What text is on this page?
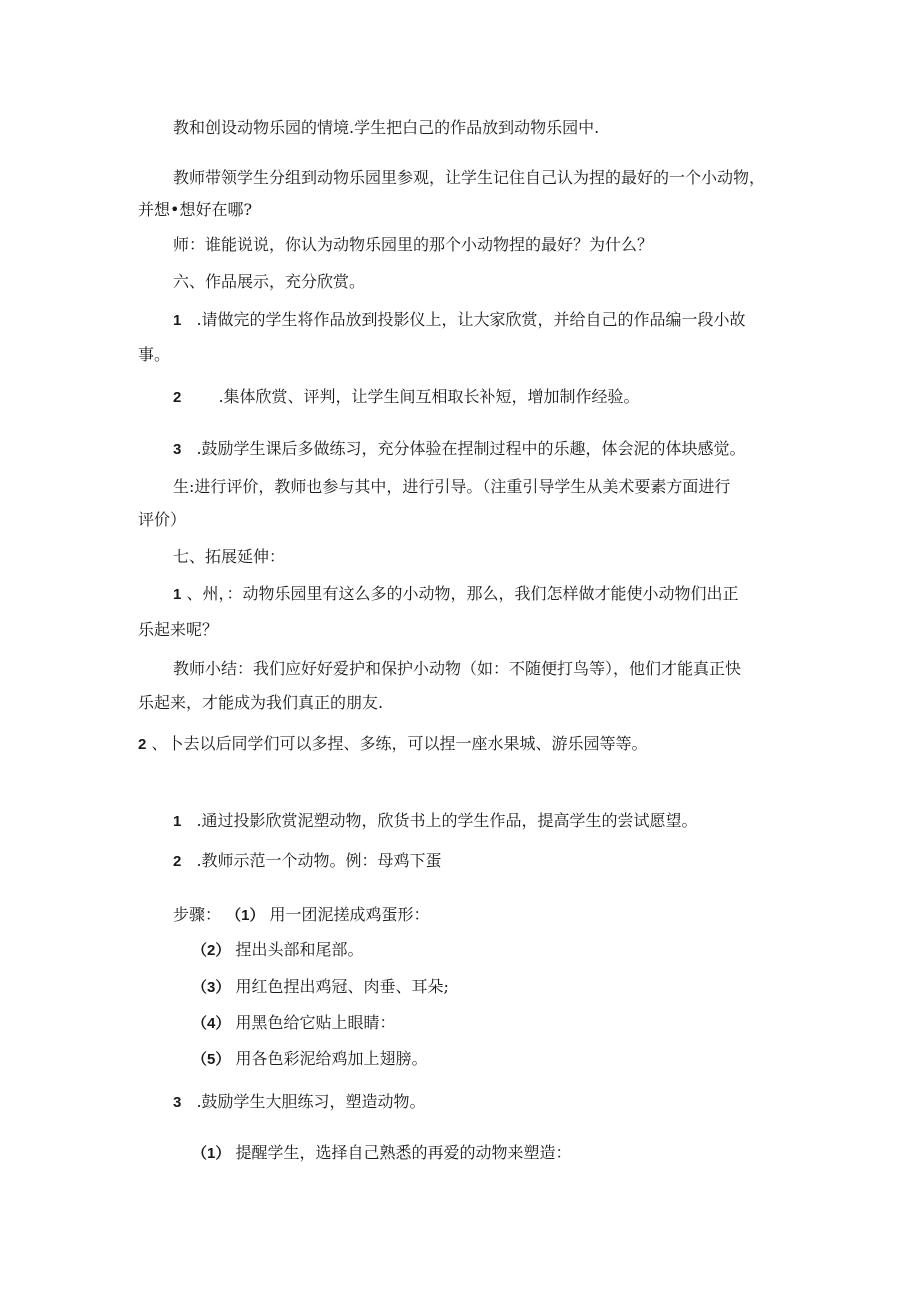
教和创设动物乐园的情境.学生把白己的作品放到动物乐园中.
教师带领学生分组到动物乐园里参观，让学生记住自己认为捏的最好的一个小动物，
并想•想好在哪?
师：谁能说说，你认为动物乐园里的那个小动物捏的最好？为什么？
六、作品展示，充分欣赏。
1 .请做完的学生将作品放到投影仪上，让大家欣赏，并给自己的作品编一段小故
事。
2 .集体欣赏、评判，让学生间互相取长补短，增加制作经验。
3 .鼓励学生课后多做练习，充分体验在捏制过程中的乐趣，体会泥的体块感觉。
生:进行评价，教师也参与其中，进行引导。（注重引导学生从美术要素方面进行
评价）
七、拓展延伸：
1 、州，：动物乐园里有这么多的小动物，那么，我们怎样做才能使小动物们出正
乐起来呢？
教师小结：我们应好好爱护和保护小动物（如：不随便打鸟等），他们才能真正快
乐起来，才能成为我们真正的朋友.
2 、卜去以后同学们可以多捏、多练，可以捏一座水果城、游乐园等等。
1 .通过投影欣赏泥塑动物，欣货书上的学生作品，提高学生的尝试愿望。
2 .教师示范一个动物。例：母鸡下蛋
步骤： （1） 用一团泥搓成鸡蛋形：
（2） 捏出头部和尾部。
（3） 用红色捏出鸡冠、肉垂、耳朵;
（4） 用黑色给它贴上眼睛：
（5） 用各色彩泥给鸡加上翅膀。
3 .鼓励学生大胆练习，塑造动物。
（1） 提醒学生，选择自己熟悉的再爱的动物来塑造：
